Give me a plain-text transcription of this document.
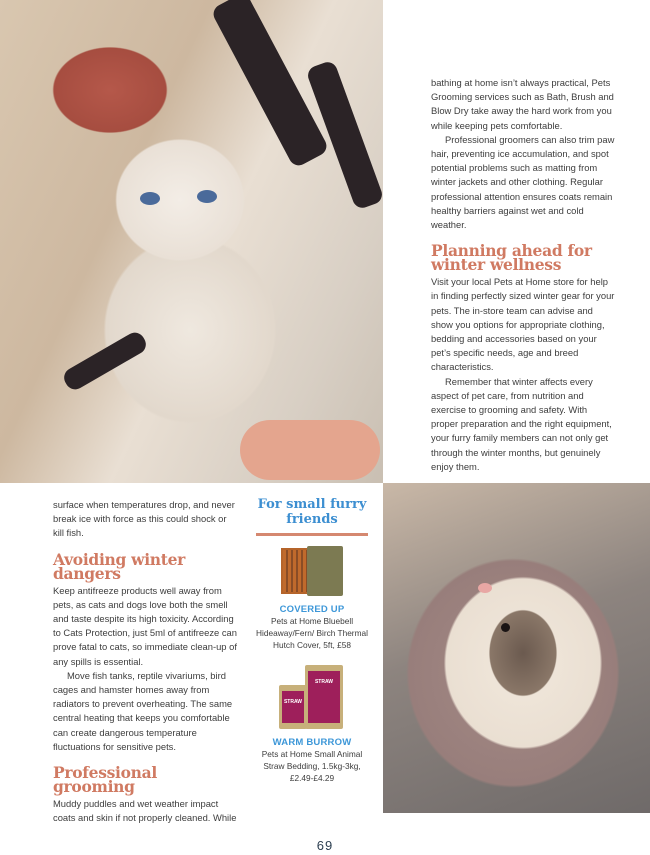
bathing at home isn’t always practical, Pets Grooming services such as Bath, Brush and Blow Dry take away the hard work from you while keeping pets comfortable.

Professional groomers can also trim paw hair, preventing ice accumulation, and spot potential problems such as matting from winter jackets and other clothing. Regular professional attention ensures coats remain healthy barriers against wet and cold weather.

Planning ahead for winter wellness

Visit your local Pets at Home store for help in finding perfectly sized winter gear for your pets. The in-store team can advise and show you options for appropriate clothing, bedding and accessories based on your pet’s specific needs, age and breed characteristics.

Remember that winter affects every aspect of pet care, from nutrition and exercise to grooming and safety. With proper preparation and the right equipment, your furry family members can not only get through the winter months, but genuinely enjoy them.

surface when temperatures drop, and never break ice with force as this could shock or kill fish.

Avoiding winter dangers

Keep antifreeze products well away from pets, as cats and dogs love both the smell and taste despite its high toxicity. According to Cats Protection, just 5ml of antifreeze can prove fatal to cats, so immediate clean-up of any spills is essential.

Move fish tanks, reptile vivariums, bird cages and hamster homes away from radiators to prevent overheating. The same central heating that keeps you comfortable can create dangerous temperature fluctuations for sensitive pets.

Professional grooming

Muddy puddles and wet weather impact coats and skin if not properly cleaned. While

For small furry friends
COVERED UP
Pets at Home Bluebell Hideaway/Fern/ Birch Thermal Hutch Cover, 5ft, £58
STRAW
STRAW
WARM BURROW
Pets at Home Small Animal Straw Bedding, 1.5kg-3kg, £2.49-£4.29
69
